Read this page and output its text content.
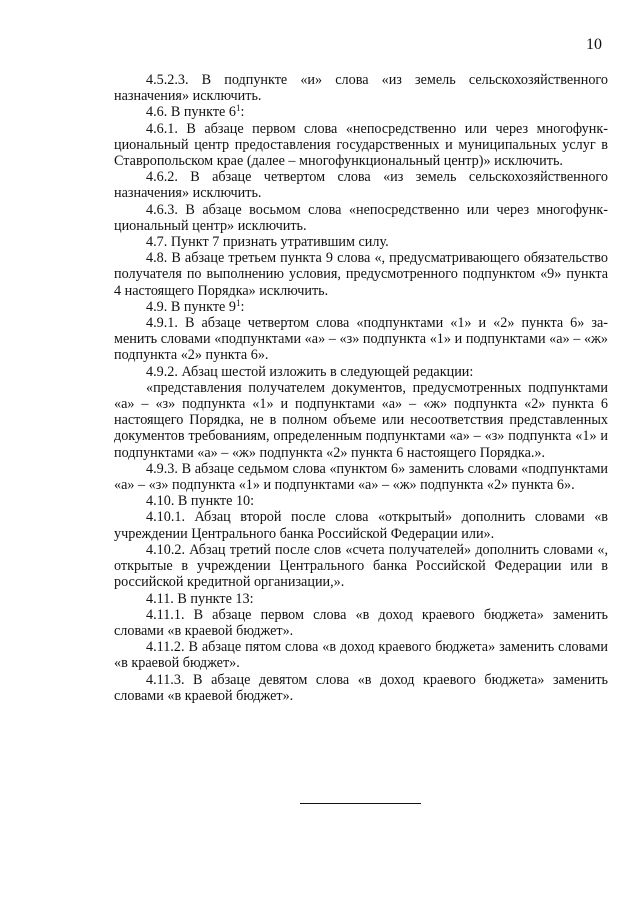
10

4.5.2.3. В подпункте «и» слова «из земель сельскохозяйственного назначения» исключить.

4.6. В пункте $6^1$:

4.6.1. В абзаце первом слова «непосредственно или через многофункциональный центр предоставления государственных и муниципальных услуг в Ставропольском крае (далее – многофункциональный центр)» исключить.

4.6.2. В абзаце четвертом слова «из земель сельскохозяйственного назначения» исключить.

4.6.3. В абзаце восьмом слова «непосредственно или через многофункциональный центр» исключить.

4.7. Пункт 7 признать утратившим силу.

4.8. В абзаце третьем пункта 9 слова «, предусматривающего обязательство получателя по выполнению условия, предусмотренного подпунктом «9» пункта 4 настоящего Порядка» исключить.

4.9. В пункте $9^1$:

4.9.1. В абзаце четвертом слова «подпунктами «1» и «2» пункта 6» заменить словами «подпунктами «а» – «з» подпункта «1» и подпунктами «а» – «ж» подпункта «2» пункта 6».

4.9.2. Абзац шестой изложить в следующей редакции:

«представления получателем документов, предусмотренных подпунктами «а» – «з» подпункта «1» и подпунктами «а» – «ж» подпункта «2» пункта 6 настоящего Порядка, не в полном объеме или несоответствия представленных документов требованиям, определенным подпунктами «а» – «з» подпункта «1» и подпунктами «а» – «ж» подпункта «2» пункта 6 настоящего Порядка.».

4.9.3. В абзаце седьмом слова «пунктом 6» заменить словами «подпунктами «а» – «з» подпункта «1» и подпунктами «а» – «ж» подпункта «2» пункта 6».

4.10. В пункте 10:

4.10.1. Абзац второй после слова «открытый» дополнить словами «в учреждении Центрального банка Российской Федерации или».

4.10.2. Абзац третий после слов «счета получателей» дополнить словами «, открытые в учреждении Центрального банка Российской Федерации или в российской кредитной организации,».

4.11. В пункте 13:

4.11.1. В абзаце первом слова «в доход краевого бюджета» заменить словами «в краевой бюджет».

4.11.2. В абзаце пятом слова «в доход краевого бюджета» заменить словами «в краевой бюджет».

4.11.3. В абзаце девятом слова «в доход краевого бюджета» заменить словами «в краевой бюджет».
